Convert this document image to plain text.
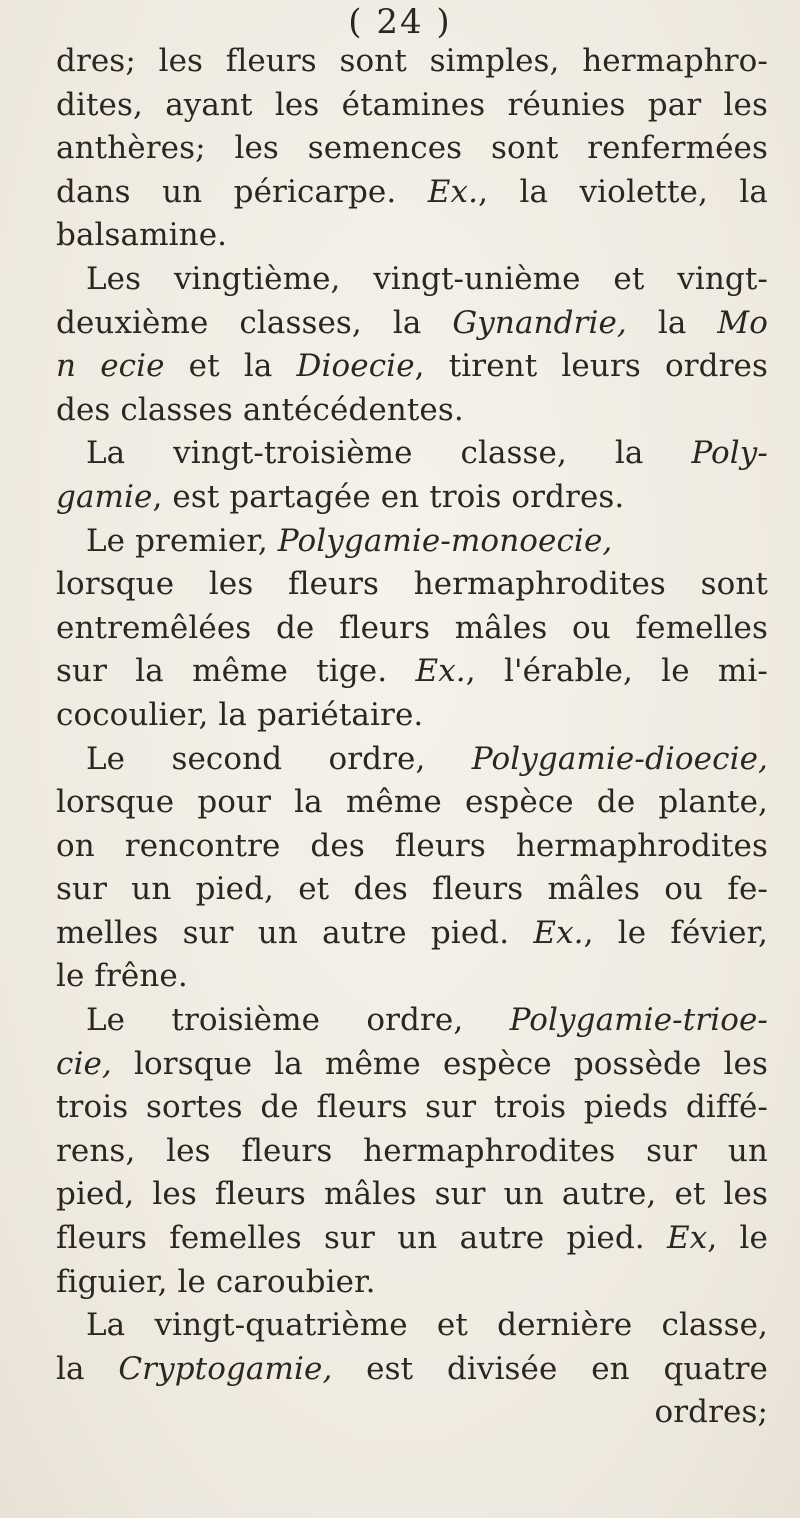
( 24 )
dres; les fleurs sont simples, hermaphro-
dites, ayant les étamines réunies par les
anthères; les semences sont renfermées
dans un péricarpe. Ex., la violette, la
balsamine.
Les vingtième, vingt-unième et vingt-
deuxième classes, la Gynandrie, la Mo
n ecie et la Dioecie, tirent leurs ordres
des classes antécédentes.
La vingt-troisième classe, la Poly-
gamie, est partagée en trois ordres.
Le premier, Polygamie-monoecie,
lorsque les fleurs hermaphrodites sont
entremêlées de fleurs mâles ou femelles
sur la même tige. Ex., l'érable, le mi-
cocoulier, la pariétaire.
Le second ordre, Polygamie-dioecie,
lorsque pour la même espèce de plante,
on rencontre des fleurs hermaphrodites
sur un pied, et des fleurs mâles ou fe-
melles sur un autre pied. Ex., le févier,
le frêne.
Le troisième ordre, Polygamie-trioe-
cie, lorsque la même espèce possède les
trois sortes de fleurs sur trois pieds diffé-
rens, les fleurs hermaphrodites sur un
pied, les fleurs mâles sur un autre, et les
fleurs femelles sur un autre pied. Ex, le
figuier, le caroubier.
La vingt-quatrième et dernière classe,
la Cryptogamie, est divisée en quatre
ordres;
